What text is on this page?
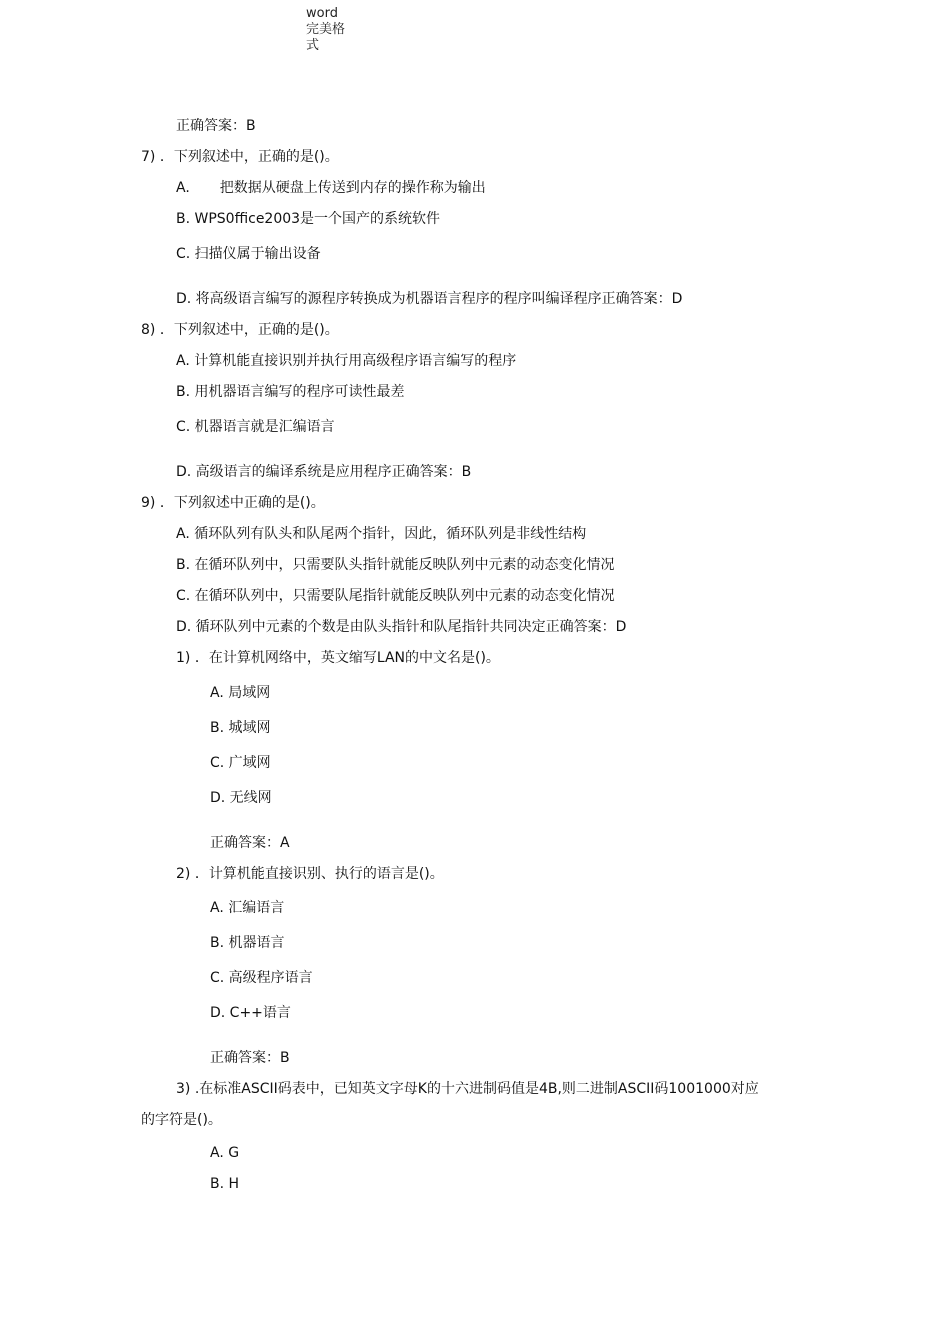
word
完美格
式
正确答案：B
7) ．下列叙述中，正确的是()。
A. 把数据从硬盘上传送到内存的操作称为输出
B. WPS0ffice2003是一个国产的系统软件
C. 扫描仪属于输出设备
D. 将高级语言编写的源程序转换成为机器语言程序的程序叫编译程序正确答案：D
8) ．下列叙述中，正确的是()。
A. 计算机能直接识别并执行用高级程序语言编写的程序
B. 用机器语言编写的程序可读性最差
C. 机器语言就是汇编语言
D. 高级语言的编译系统是应用程序正确答案：B
9) ．下列叙述中正确的是()。
A. 循环队列有队头和队尾两个指针，因此，循环队列是非线性结构
B. 在循环队列中，只需要队头指针就能反映队列中元素的动态变化情况
C. 在循环队列中，只需要队尾指针就能反映队列中元素的动态变化情况
D. 循环队列中元素的个数是由队头指针和队尾指针共同决定正确答案：D
1) ．在计算机网络中，英文缩写LAN的中文名是()。
A. 局域网
B. 城域网
C. 广域网
D. 无线网
正确答案：A
2) ．计算机能直接识别、执行的语言是()。
A. 汇编语言
B. 机器语言
C. 高级程序语言
D. C++语言
正确答案：B
3) .在标准ASCII码表中，已知英文字母K的十六进制码值是4B,则二进制ASCII码1001000对应
的字符是()。
A. G
B. H
